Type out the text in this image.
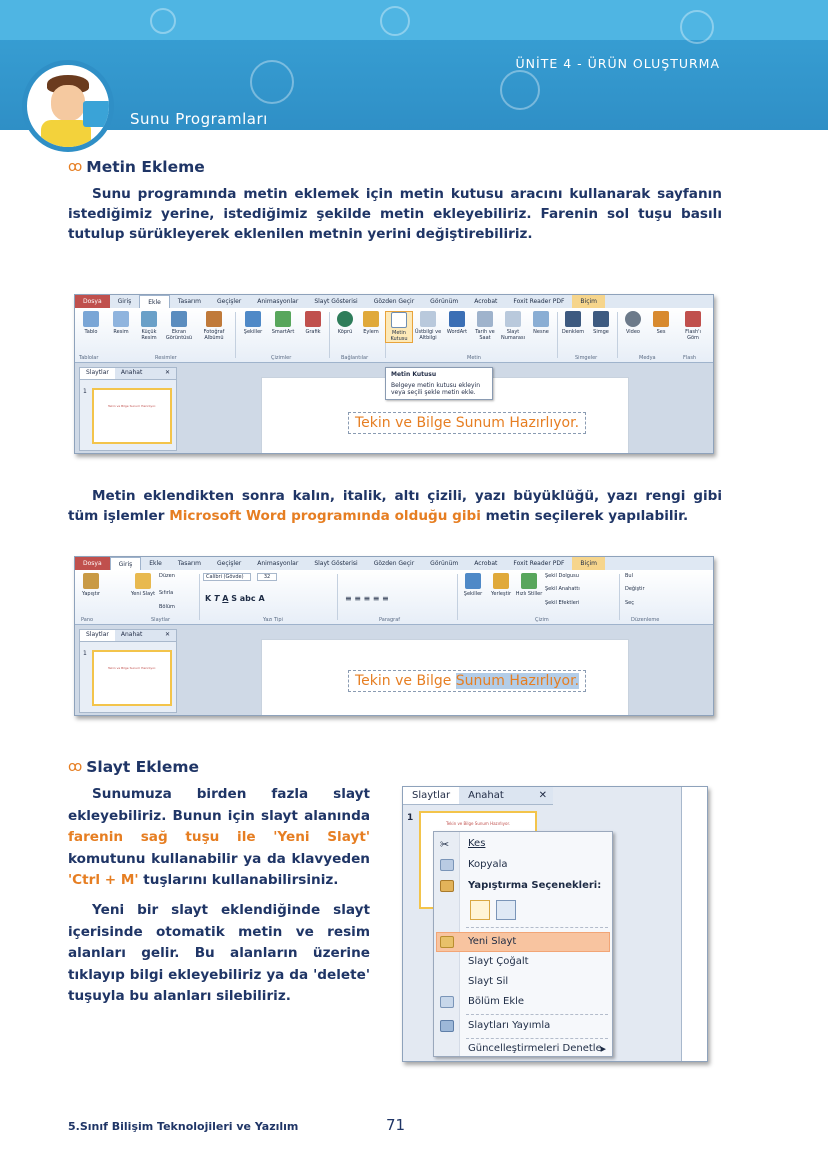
ÜNİTE 4 - ÜRÜN OLUŞTURMA
Sunu Programları
ꝏ Metin Ekleme
Sunu programında metin eklemek için metin kutusu aracını kullanarak sayfanın istediğimiz yerine, istediğimiz şekilde metin ekleyebiliriz. Farenin sol tuşu basılı tutulup sürükleyerek eklenilen metnin yerini değiştirebiliriz.
Dosya	Giriş	Ekle	Tasarım	Geçişler	Animasyonlar	Slayt Gösterisi	Gözden Geçir	Görünüm	Acrobat	Foxit Reader PDF	Biçim
Tablo	Resim	Küçük Resim
Ekran Görüntüsü
Fotoğraf Albümü
Şekiller	SmartArt	Grafik	Köprü	Eylem	Metin Kutusu
Üstbilgi ve Altbilgi
WordArt	Tarih ve Saat
Slayt Numarası
Nesne	Denklem	Simge	Video	Ses	Flash'ı Göm
Tablolar	Resimler	Çizimler	Bağlantılar	Metin	Simgeler	Medya	Flash
Slaytlar	Anahat	✕
1
Tekin ve Bilge Sunum Hazırlıyor.
Tekin ve Bilge Sunum Hazırlıyor.
Metin Kutusu
Belgeye metin kutusu ekleyin veya seçili şekle metin ekle.
Metin eklendikten sonra kalın, italik, altı çizili, yazı büyüklüğü, yazı rengi gibi tüm işlemler Microsoft Word programında olduğu gibi metin seçilerek yapılabilir.
Dosya	Giriş	Ekle	Tasarım	Geçişler	Animasyonlar	Slayt Gösterisi	Gözden Geçir	Görünüm	Acrobat	Foxit Reader PDF	Biçim
Yapıştır	Yeni Slayt
Düzen
Sıfırla
Bölüm
Calibri (Gövde)	32
K T A S abc A	≡ ≡ ≡ ≡ ≡	Şekiller	Yerleştir Hızlı Stiller
Şekil Dolgusu
Şekil Anahattı
Şekil Efektleri
Bul
Değiştir
Seç
Pano	Slaytlar	Yazı Tipi	Paragraf	Çizim	Düzenleme
Slaytlar	Anahat	✕
1
Tekin ve Bilge Sunum Hazırlıyor.
Tekin ve Bilge Sunum Hazırlıyor.
ꝏ Slayt Ekleme
Sunumuza birden fazla slayt ekleyebiliriz. Bunun için slayt alanında farenin sağ tuşu ile 'Yeni Slayt' komutunu kullanabilir ya da klavyeden 'Ctrl + M' tuşlarını kullanabilirsiniz.
Yeni bir slayt eklendiğinde slayt içerisinde otomatik metin ve resim alanları gelir. Bu alanların üzerine tıklayıp bilgi ekleyebiliriz ya da 'delete' tuşuyla bu alanları silebiliriz.
Slaytlar	Anahat	✕
1
Tekin ve Bilge Sunum Hazırlıyor.
✂	Kes
Kopyala
Yapıştırma Seçenekleri:
Yeni Slayt
Slayt Çoğalt
Slayt Sil
Bölüm Ekle
Slaytları Yayımla
Güncelleştirmeleri Denetle
▶
5.Sınıf Bilişim Teknolojileri ve Yazılım	71
